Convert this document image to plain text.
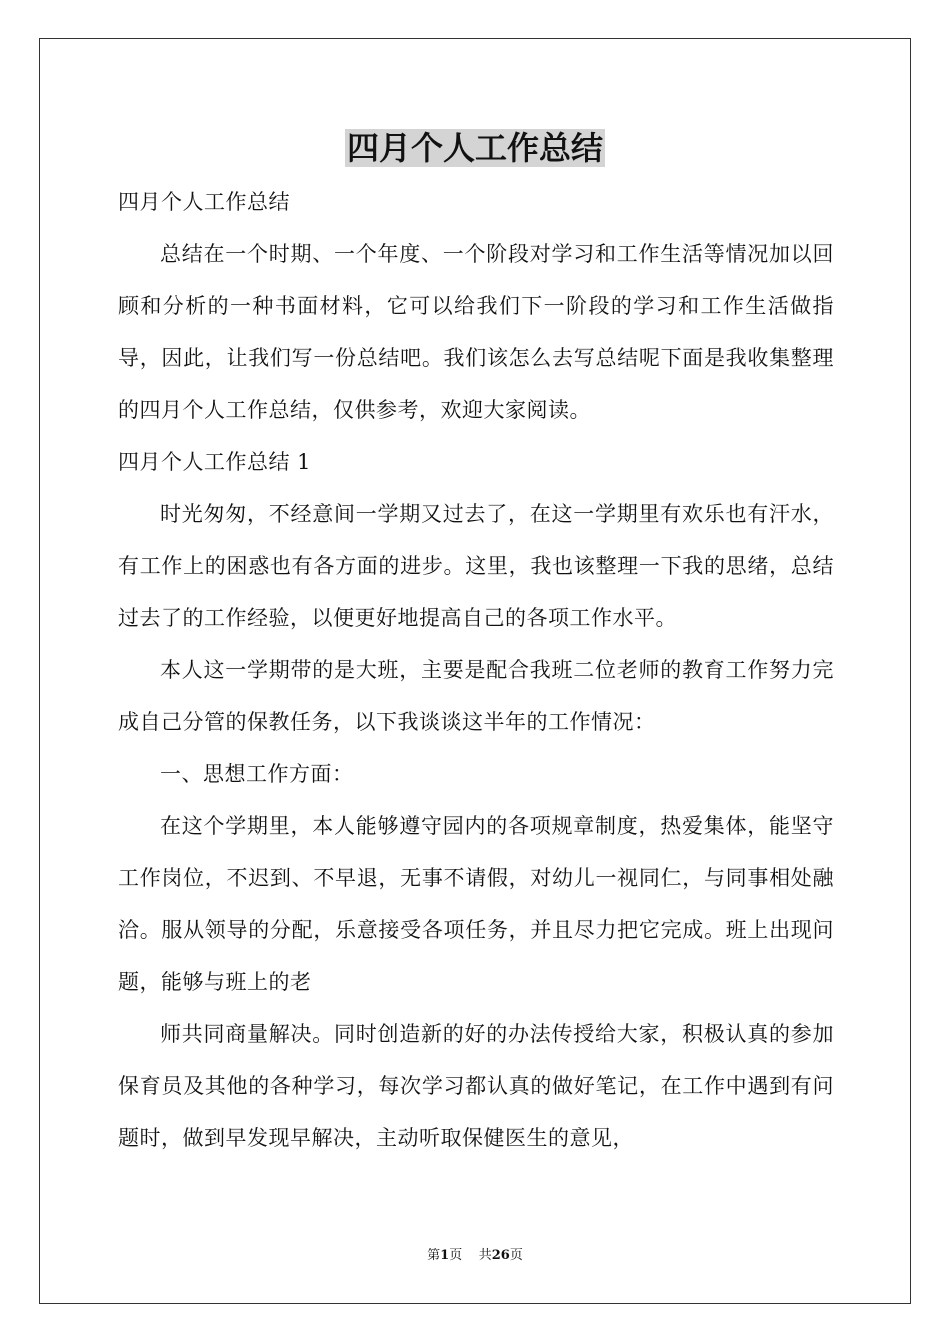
四月个人工作总结

四月个人工作总结

总结在一个时期、一个年度、一个阶段对学习和工作生活等情况加以回顾和分析的一种书面材料，它可以给我们下一阶段的学习和工作生活做指导，因此，让我们写一份总结吧。我们该怎么去写总结呢下面是我收集整理的四月个人工作总结，仅供参考，欢迎大家阅读。

四月个人工作总结 1

时光匆匆，不经意间一学期又过去了，在这一学期里有欢乐也有汗水，有工作上的困惑也有各方面的进步。这里，我也该整理一下我的思绪，总结过去了的工作经验，以便更好地提高自己的各项工作水平。

本人这一学期带的是大班，主要是配合我班二位老师的教育工作努力完成自己分管的保教任务，以下我谈谈这半年的工作情况：

一、思想工作方面：

在这个学期里，本人能够遵守园内的各项规章制度，热爱集体，能坚守工作岗位，不迟到、不早退，无事不请假，对幼儿一视同仁，与同事相处融洽。服从领导的分配，乐意接受各项任务，并且尽力把它完成。班上出现问题，能够与班上的老

师共同商量解决。同时创造新的好的办法传授给大家，积极认真的参加保育员及其他的各种学习，每次学习都认真的做好笔记，在工作中遇到有问题时，做到早发现早解决，主动听取保健医生的意见，

第1页 共26页
